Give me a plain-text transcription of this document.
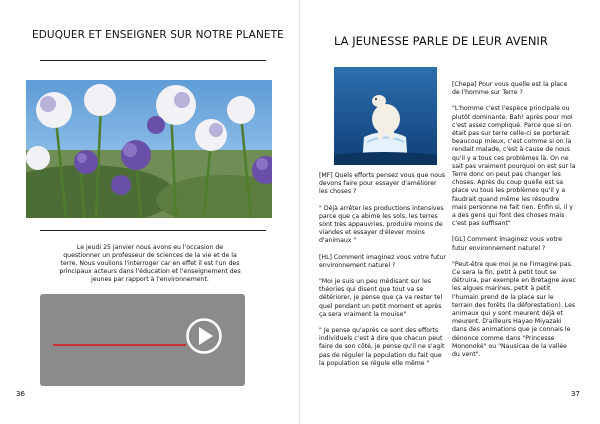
EDUQUER ET ENSEIGNER SUR NOTRE PLANETE
Le jeudi 25 janvier nous avons eu l'occasion de questionner un professeur de sciences de la vie et de la terre. Nous voulions l'interroger car en effet il est l'un des principaux acteurs dans l'éducation et l'enseignement des jeunes par rapport à l'environnement.
36
LA JEUNESSE PARLE DE LEUR AVENIR

[MF] Quels efforts pensez vous que nous devons faire pour essayer d'améliorer les choses ?

" Déjà arrêter les productions intensives parce que ça abime les sols, les terres sont très appauvries, produire moins de viandes et essayer d'élever moins d'animaux "

[HL] Comment imaginez vous votre futur environnement naturel ?

"Moi je suis un peu médisant sur les théories qui disent que tout va se détériorer, je pense que ça va rester tel quel pendant un petit moment et après ça sera vraiment la mouise"

" Je pense qu'après ce sont des efforts individuels c'est à dire que chacun peut faire de son côté, je pense qu'il ne s'agit pas de réguler la population du fait que la population se régule elle même "

[Chepa] Pour vous quelle est la place de l'homme sur Terre ?

"L'homme c'est l'espèce principale ou plutôt dominante. Bah! après pour moi c'est assez compliqué. Parce que si on était pas sur terre celle-ci se porterait beaucoup mieux, c'est comme si on la rendait malade, c'est à cause de nous qu'il y a tous ces problèmes là. On ne sait pas vraiment pourquoi on est sur la Terre donc on peut pas changer les choses. Après du coup quelle est sa place vu tous les problèmes qu'il y a faudrait quand même les résoudre mais personne ne fait rien. Enfin si, il y a des gens qui font des choses mais c'est pas suffisant"

[GL] Comment imaginez vous votre futur environnement naturel ?

"Peut-être que moi je ne l'imagine pas. Ce sera la fin, petit à petit tout se détruira, par exemple en Bretagne avec les algues marines, petit à petit l'humain prend de la place sur le terrain des forêts (la déforestation). Les animaux qui y sont meurent déjà et meurent. D'ailleurs Hayao Miyazaki dans des animations que je connais le dénonce comme dans "Princesse Mononoké" ou "Nausicaa de la vallée du vent".

37
